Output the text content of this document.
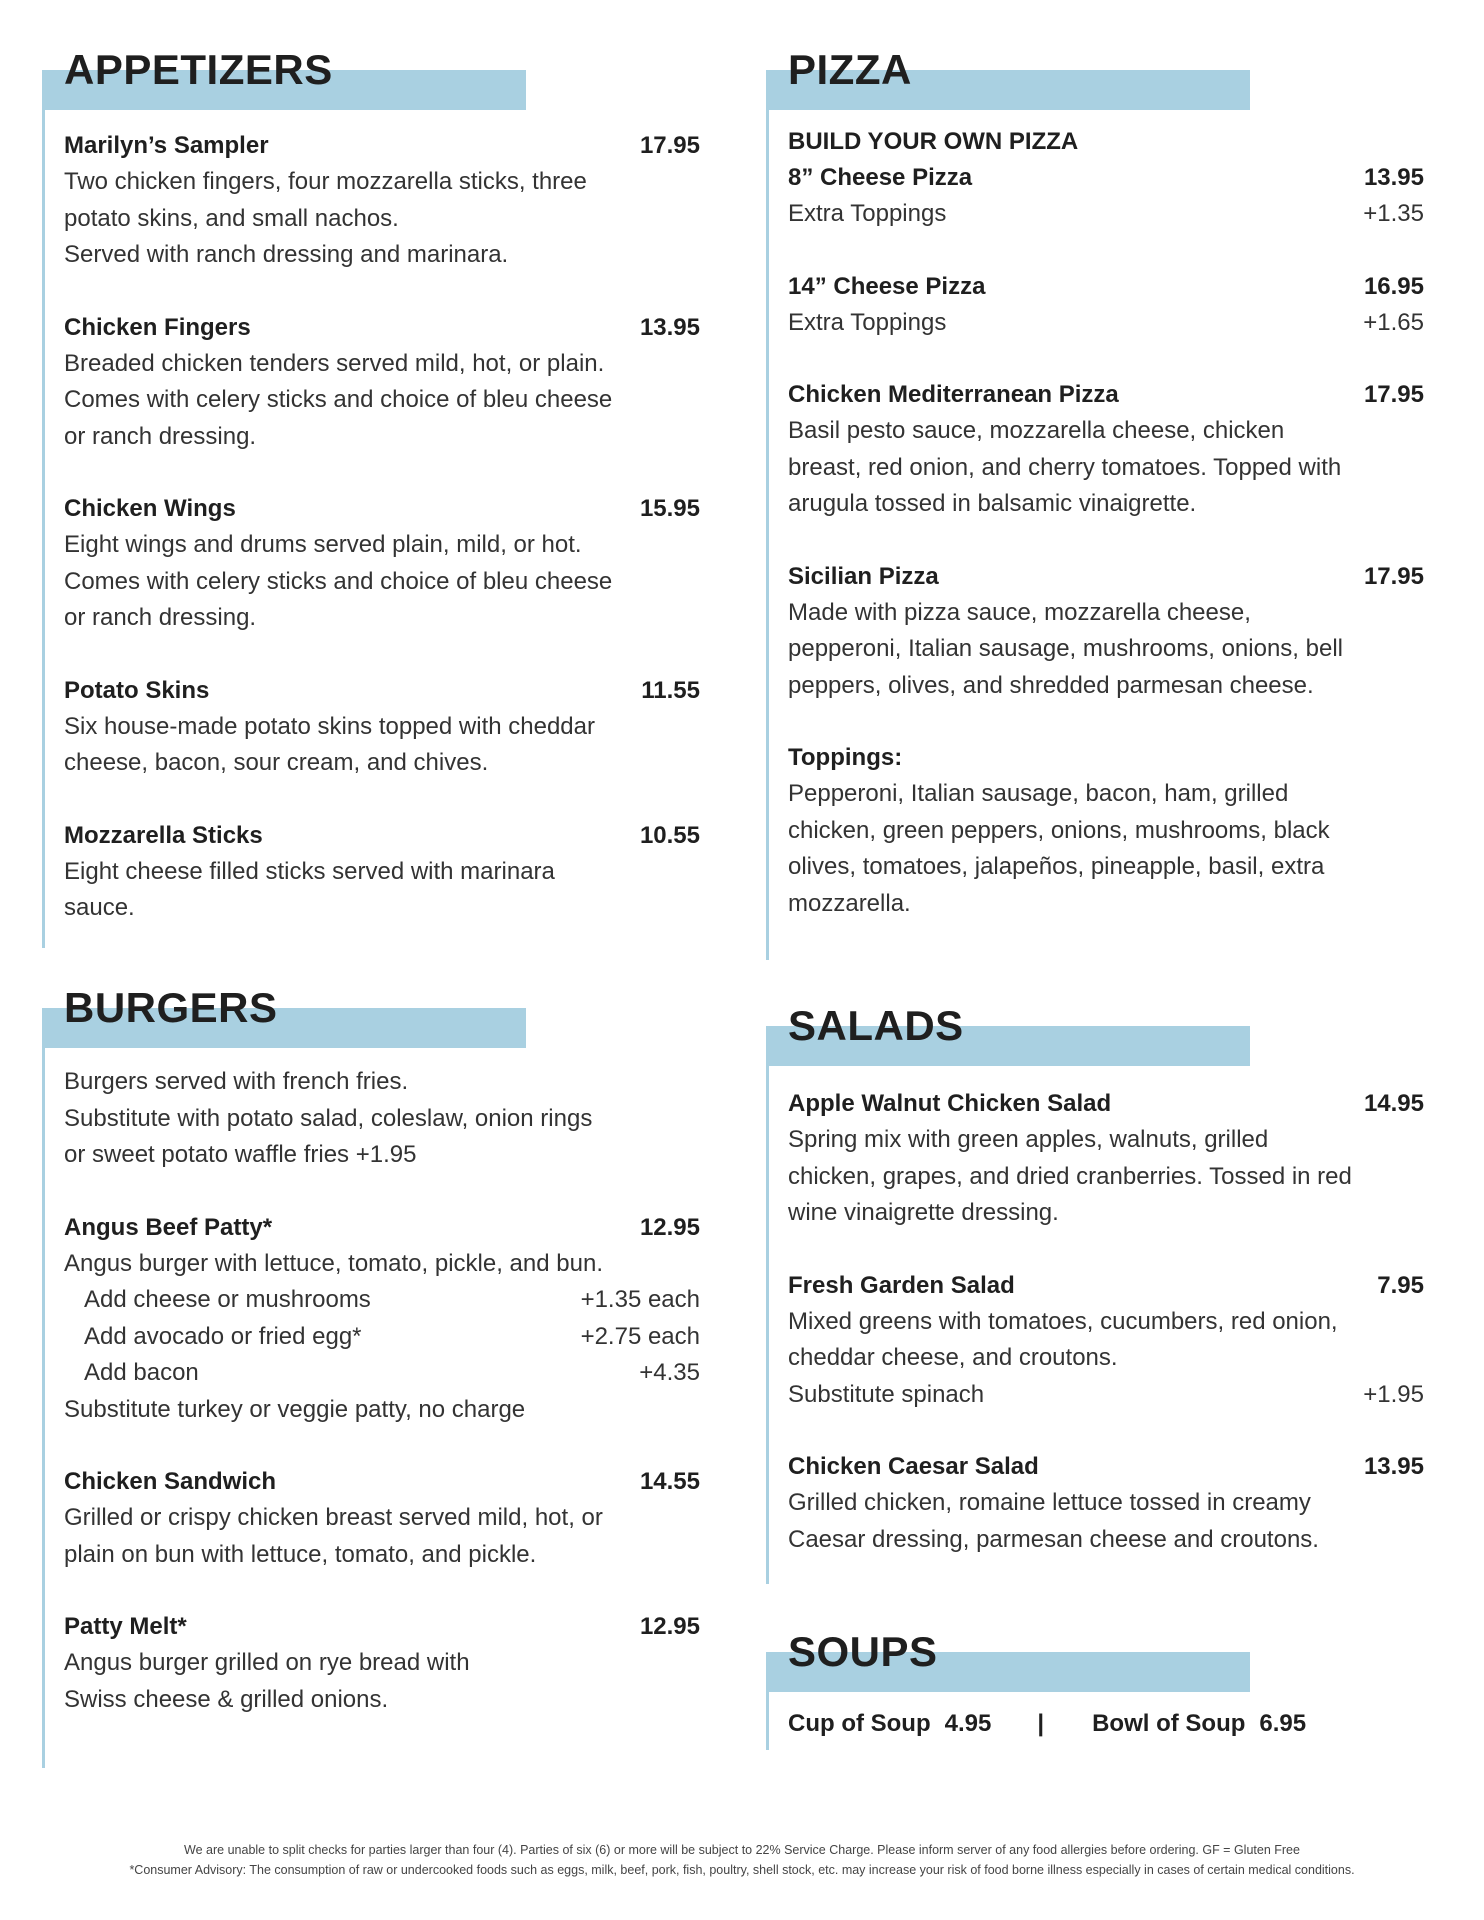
APPETIZERS
Marilyn’s Sampler	17.95

Two chicken fingers, four mozzarella sticks, three

potato skins, and small nachos.

Served with ranch dressing and marinara.

Chicken Fingers	13.95

Breaded chicken tenders served mild, hot, or plain.

Comes with celery sticks and choice of bleu cheese

or ranch dressing.

Chicken Wings	15.95

Eight wings and drums served plain, mild, or hot.

Comes with celery sticks and choice of bleu cheese

or ranch dressing.

Potato Skins	11.55

Six house-made potato skins topped with cheddar

cheese, bacon, sour cream, and chives.

Mozzarella Sticks	10.55

Eight cheese filled sticks served with marinara

sauce.

BURGERS

Burgers served with french fries.

Substitute with potato salad, coleslaw, onion rings

or sweet potato waffle fries +1.95

Angus Beef Patty*	12.95

Angus burger with lettuce, tomato, pickle, and bun.

Add cheese or mushrooms	+1.35 each
Add avocado or fried egg*	+2.75 each
Add bacon	+4.35

Substitute turkey or veggie patty, no charge

Chicken Sandwich	14.55

Grilled or crispy chicken breast served mild, hot, or

plain on bun with lettuce, tomato, and pickle.

Patty Melt*	12.95

Angus burger grilled on rye bread with

Swiss cheese & grilled onions.

PIZZA
BUILD YOUR OWN PIZZA
8” Cheese Pizza	13.95
Extra Toppings	+1.35
14” Cheese Pizza	16.95
Extra Toppings	+1.65
Chicken Mediterranean Pizza	17.95

Basil pesto sauce, mozzarella cheese, chicken

breast, red onion, and cherry tomatoes. Topped with

arugula tossed in balsamic vinaigrette.

Sicilian Pizza	17.95

Made with pizza sauce, mozzarella cheese,

pepperoni, Italian sausage, mushrooms, onions, bell

peppers, olives, and shredded parmesan cheese.

Toppings:

Pepperoni, Italian sausage, bacon, ham, grilled

chicken, green peppers, onions, mushrooms, black

olives, tomatoes, jalapeños, pineapple, basil, extra

mozzarella.

SALADS
Apple Walnut Chicken Salad	14.95

Spring mix with green apples, walnuts, grilled

chicken, grapes, and dried cranberries. Tossed in red

wine vinaigrette dressing.

Fresh Garden Salad	7.95

Mixed greens with tomatoes, cucumbers, red onion,

cheddar cheese, and croutons.

Substitute spinach	+1.95
Chicken Caesar Salad	13.95

Grilled chicken, romaine lettuce tossed in creamy

Caesar dressing, parmesan cheese and croutons.

SOUPS
Cup of Soup 4.95 | Bowl of Soup 6.95
We are unable to split checks for parties larger than four (4). Parties of six (6) or more will be subject to 22% Service Charge. Please inform server of any food allergies before ordering. GF = Gluten Free
*Consumer Advisory: The consumption of raw or undercooked foods such as eggs, milk, beef, pork, fish, poultry, shell stock, etc. may increase your risk of food borne illness especially in cases of certain medical conditions.
